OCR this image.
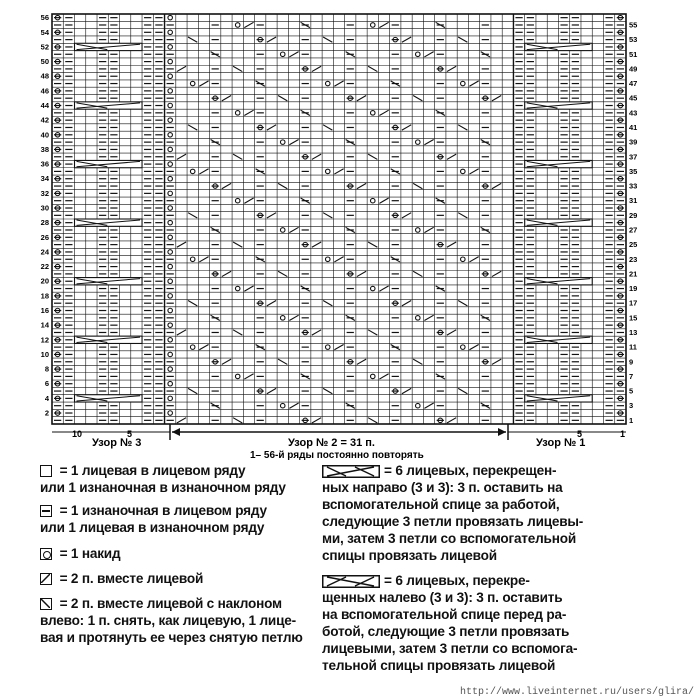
2
4
6
8
10
12
14
16
18
20
22
24
26
28
30
32
34
36
38
40
42
44
46
48
50
52
54
56
1
3
5
7
9
11
13
15
17
19
21
23
25
27
29
31
33
35
37
39
41
43
45
47
49
51
53
55
10	5	5	1
Узор № 3	Узор № 2 = 31 п.
1– 56-й ряды постоянно повторять
Узор № 1
= 1 лицевая в лицевом ряду
или 1 изнаночная в изнаночном ряду
= 1 изнаночная в лицевом ряду
или 1 лицевая в изнаночном ряду
= 1 накид
= 2 п. вместе лицевой
= 2 п. вместе лицевой с наклоном
влево: 1 п. снять, как лицевую, 1 лице-
вая и протянуть ее через снятую петлю
= 6 лицевых, перекрещен-
ных направо (3 и 3): 3 п. оставить на
вспомогательной спице за работой,
следующие 3 петли провязать лицевы-
ми, затем 3 петли со вспомогательной
спицы провязать лицевой
= 6 лицевых, перекре-
щенных налево (3 и 3): 3 п. оставить
на вспомогательной спице перед ра-
ботой, следующие 3 петли провязать
лицевыми, затем 3 петли со вспомога-
тельной спицы провязать лицевой
http://www.liveinternet.ru/users/glira/
